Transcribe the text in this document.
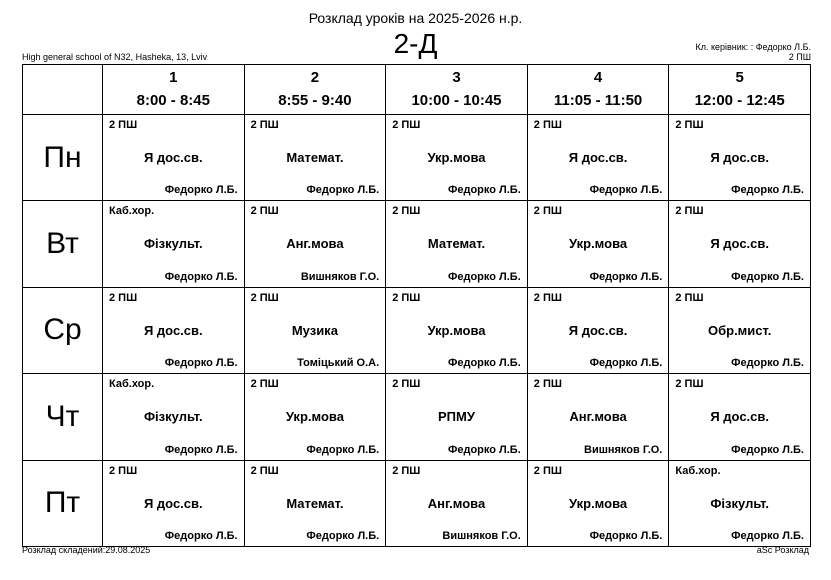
Розклад уроків на 2025-2026 н.р.
2-Д
High general school of N32, Hasheka, 13, Lviv
Кл. керівник: : Федорко Л.Б.
2 ПШ

	1
8:00 - 8:45	2
8:55 - 9:40	3
10:00 - 10:45	4
11:05 - 11:50	5
12:00 - 12:45

Пн	2 ПШ
Я дос.св.
Федорко Л.Б.	2 ПШ
Математ.
Федорко Л.Б.	2 ПШ
Укр.мова
Федорко Л.Б.	2 ПШ
Я дос.св.
Федорко Л.Б.	2 ПШ
Я дос.св.
Федорко Л.Б.

Вт	Каб.хор.
Фізкульт.
Федорко Л.Б.	2 ПШ
Анг.мова
Вишняков Г.О.	2 ПШ
Математ.
Федорко Л.Б.	2 ПШ
Укр.мова
Федорко Л.Б.	2 ПШ
Я дос.св.
Федорко Л.Б.

Ср	2 ПШ
Я дос.св.
Федорко Л.Б.	2 ПШ
Музика
Томіцький О.А.	2 ПШ
Укр.мова
Федорко Л.Б.	2 ПШ
Я дос.св.
Федорко Л.Б.	2 ПШ
Обр.мист.
Федорко Л.Б.

Чт	Каб.хор.
Фізкульт.
Федорко Л.Б.	2 ПШ
Укр.мова
Федорко Л.Б.	2 ПШ
РПМУ
Федорко Л.Б.	2 ПШ
Анг.мова
Вишняков Г.О.	2 ПШ
Я дос.св.
Федорко Л.Б.

Пт	2 ПШ
Я дос.св.
Федорко Л.Б.	2 ПШ
Математ.
Федорко Л.Б.	2 ПШ
Анг.мова
Вишняков Г.О.	2 ПШ
Укр.мова
Федорко Л.Б.	Каб.хор.
Фізкульт.
Федорко Л.Б.
Розклад складений:29.08.2025	aSc Розклад
